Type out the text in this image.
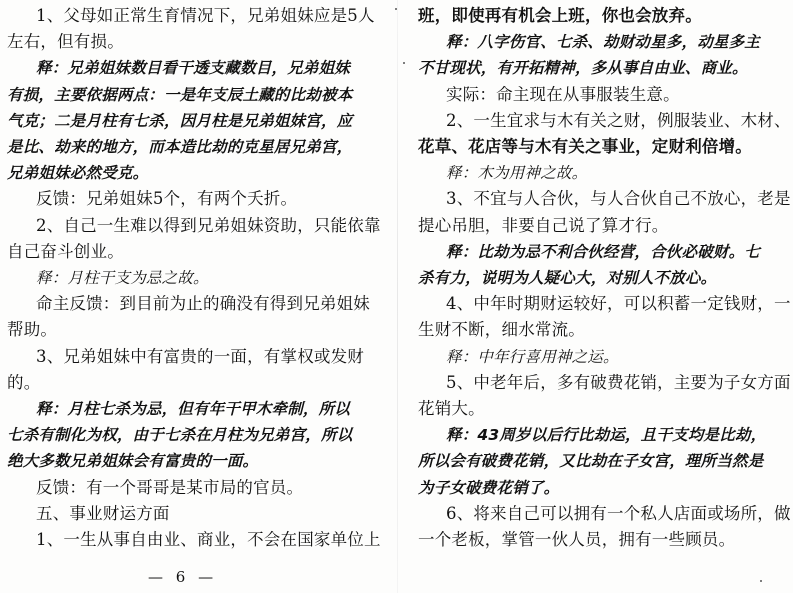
1、父母如正常生育情况下，兄弟姐妹应是5人
左右，但有损。
释：兄弟姐妹数目看干透支藏数目，兄弟姐妹
有损，主要依据两点：一是年支辰土藏的比劫被本
气克；二是月柱有七杀，因月柱是兄弟姐妹宫，应
是比、劫来的地方，而本造比劫的克星居兄弟宫，
兄弟姐妹必然受克。
反馈：兄弟姐妹5个，有两个夭折。
2、自己一生难以得到兄弟姐妹资助，只能依靠
自己奋斗创业。
释：月柱干支为忌之故。
命主反馈：到目前为止的确没有得到兄弟姐妹
帮助。
3、兄弟姐妹中有富贵的一面，有掌权或发财
的。
释：月柱七杀为忌，但有年干甲木牵制，所以
七杀有制化为权，由于七杀在月柱为兄弟宫，所以
绝大多数兄弟姐妹会有富贵的一面。
反馈：有一个哥哥是某市局的官员。
五、事业财运方面
1、一生从事自由业、商业，不会在国家单位上
班，即使再有机会上班，你也会放弃。
释：八字伤官、七杀、劫财动星多，动星多主
不甘现状，有开拓精神，多从事自由业、商业。
实际：命主现在从事服装生意。
2、一生宜求与木有关之财，例服装业、木材、
花草、花店等与木有关之事业，定财利倍增。
释：木为用神之故。
3、不宜与人合伙，与人合伙自己不放心，老是
提心吊胆，非要自己说了算才行。
释：比劫为忌不利合伙经营，合伙必破财。七
杀有力，说明为人疑心大，对别人不放心。
4、中年时期财运较好，可以积蓄一定钱财，一
生财不断，细水常流。
释：中年行喜用神之运。
5、中老年后，多有破费花销，主要为子女方面
花销大。
释：43周岁以后行比劫运，且干支均是比劫，
所以会有破费花销，又比劫在子女宫，理所当然是
为子女破费花销了。
6、将来自己可以拥有一个私人店面或场所，做
一个老板，掌管一伙人员，拥有一些顾员。
— 6 —
